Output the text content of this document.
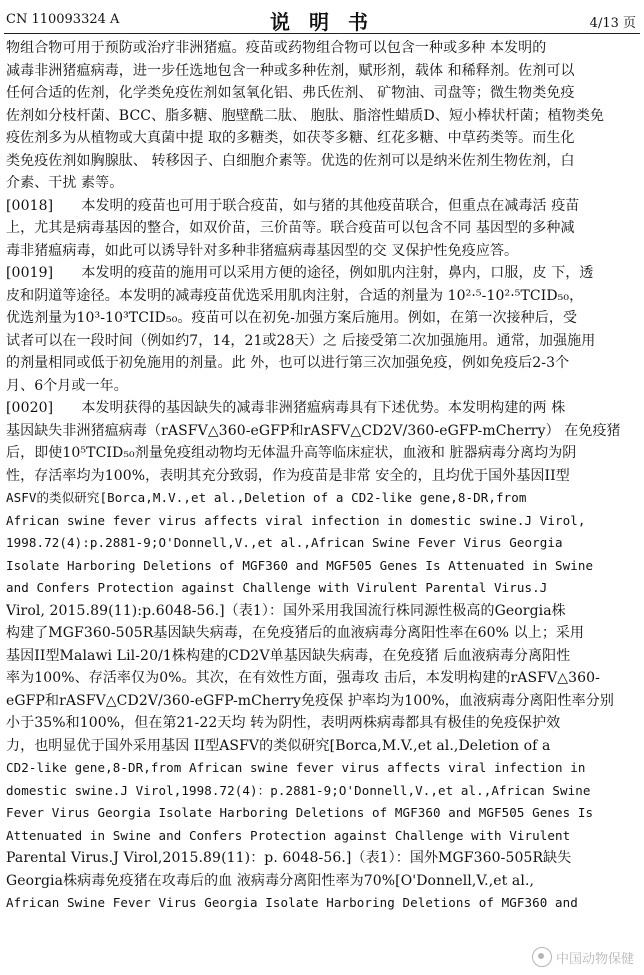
CN 110093324 A	说 明 书	4/13 页
物组合物可用于预防或治疗非洲猪瘟。疫苗或药物组合物可以包含一种或多种 本发明的
减毒非洲猪瘟病毒，进一步任选地包含一种或多种佐剂，赋形剂，载体 和稀释剂。佐剂可以
任何合适的佐剂，化学类免疫佐剂如氢氧化铝、弗氏佐剂、 矿物油、司盘等；微生物类免疫
佐剂如分枝杆菌、BCC、脂多糖、胞壁酰二肽、 胞肽、脂溶性蜡质D、短小棒状杆菌；植物类免
疫佐剂多为从植物或大真菌中提 取的多糖类，如茯苓多糖、红花多糖、中草药类等。而生化
类免疫佐剂如胸腺肽、 转移因子、白细胞介素等。优选的佐剂可以是纳米佐剂生物佐剂，白
介素、干扰 素等。
[0018]　　本发明的疫苗也可用于联合疫苗，如与猪的其他疫苗联合，但重点在减毒活 疫苗
上，尤其是病毒基因的整合，如双价苗，三价苗等。联合疫苗可以包含不同 基因型的多种减
毒非猪瘟病毒，如此可以诱导针对多种非猪瘟病毒基因型的交 叉保护性免疫应答。
[0019]　　本发明的疫苗的施用可以采用方便的途径，例如肌内注射，鼻内，口服，皮 下，透
皮和阴道等途径。本发明的减毒疫苗优选采用肌肉注射，合适的剂量为 10²·⁵-10²·⁵TCID₅₀，
优选剂量为10³-10³TCID₅₀。疫苗可以在初免-加强方案后施用。例如，在第一次接种后，受
试者可以在一段时间（例如约7，14，21或28天）之 后接受第二次加强施用。通常，加强施用
的剂量相同或低于初免施用的剂量。此 外，也可以进行第三次加强免疫，例如免疫后2-3个
月、6个月或一年。
[0020]　　本发明获得的基因缺失的减毒非洲猪瘟病毒具有下述优势。本发明构建的两 株
基因缺失非洲猪瘟病毒（rASFV△360-eGFP和rASFV△CD2V/360-eGFP-mCherry） 在免疫猪
后，即使10⁵TCID₅₀剂量免疫组动物均无体温升高等临床症状，血液和 脏器病毒分离均为阴
性，存活率均为100%，表明其充分致弱，作为疫苗是非常 安全的，且均优于国外基因II型
ASFV的类似研究[Borca,M.V.,et al.,Deletion of a CD2-like gene,8-DR,from
African swine fever virus affects viral infection in domestic swine.J Virol,
1998.72(4):p.2881-9;O'Donnell,V.,et al.,African Swine Fever Virus Georgia
Isolate Harboring Deletions of MGF360 and MGF505 Genes Is Attenuated in Swine
and Confers Protection against Challenge with Virulent Parental Virus.J
Virol, 2015.89(11):p.6048-56.]（表1）：国外采用我国流行株同源性极高的Georgia株
构建了MGF360-505R基因缺失病毒，在免疫猪后的血液病毒分离阳性率在60% 以上；采用
基因II型Malawi Lil-20/1株构建的CD2V单基因缺失病毒，在免疫猪 后血液病毒分离阳性
率为100%、存活率仅为0%。其次，在有效性方面，强毒攻 击后，本发明构建的rASFV△360-
eGFP和rASFV△CD2V/360-eGFP-mCherry免疫保 护率均为100%，血液病毒分离阳性率分别
小于35%和100%，但在第21-22天均 转为阴性，表明两株病毒都具有极佳的免疫保护效
力，也明显优于国外采用基因 II型ASFV的类似研究[Borca,M.V.,et al.,Deletion of a
CD2-like gene,8-DR,from African swine fever virus affects viral infection in
domestic swine.J Virol,1998.72(4)：p.2881-9;O'Donnell,V.,et al.,African Swine
Fever Virus Georgia Isolate Harboring Deletions of MGF360 and MGF505 Genes Is
Attenuated in Swine and Confers Protection against Challenge with Virulent
Parental Virus.J Virol,2015.89(11)：p. 6048-56.]（表1）：国外MGF360-505R缺失
Georgia株病毒免疫猪在攻毒后的血 液病毒分离阳性率为70%[O'Donnell,V.,et al.,
African Swine Fever Virus Georgia Isolate Harboring Deletions of MGF360 and
中国动物保健
